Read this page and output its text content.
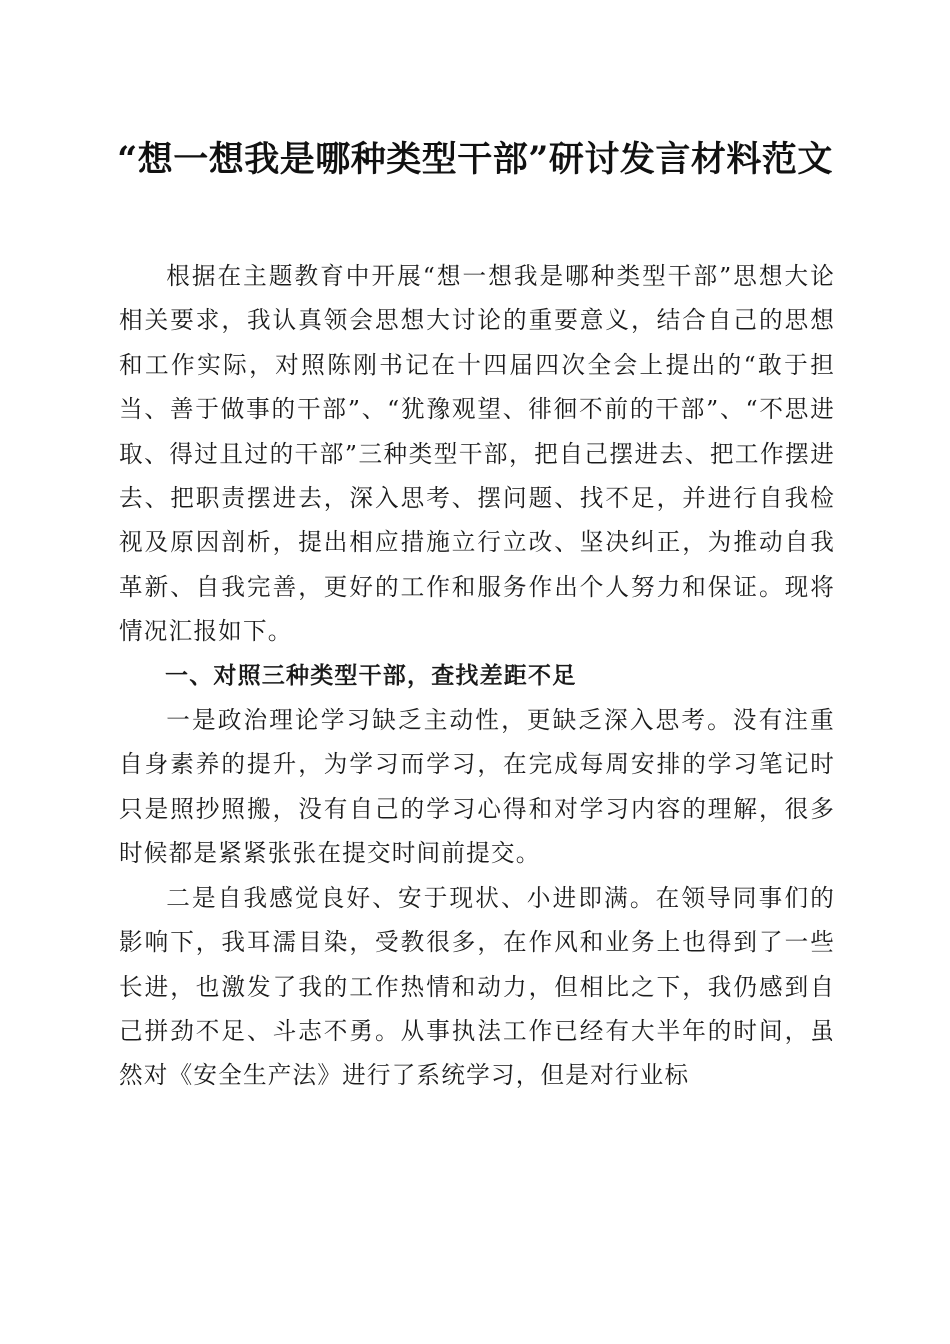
“想一想我是哪种类型干部”研讨发言材料范文

根据在主题教育中开展“想一想我是哪种类型干部”思想大论相关要求，我认真领会思想大讨论的重要意义，结合自己的思想和工作实际，对照陈刚书记在十四届四次全会上提出的“敢于担当、善于做事的干部”、“犹豫观望、徘徊不前的干部”、“不思进取、得过且过的干部”三种类型干部，把自己摆进去、把工作摆进去、把职责摆进去，深入思考、摆问题、找不足，并进行自我检视及原因剖析，提出相应措施立行立改、坚决纠正，为推动自我革新、自我完善，更好的工作和服务作出个人努力和保证。现将情况汇报如下。

一、对照三种类型干部，查找差距不足

一是政治理论学习缺乏主动性，更缺乏深入思考。没有注重自身素养的提升，为学习而学习，在完成每周安排的学习笔记时只是照抄照搬，没有自己的学习心得和对学习内容的理解，很多时候都是紧紧张张在提交时间前提交。

二是自我感觉良好、安于现状、小进即满。在领导同事们的影响下，我耳濡目染，受教很多，在作风和业务上也得到了一些长进，也激发了我的工作热情和动力，但相比之下，我仍感到自己拼劲不足、斗志不勇。从事执法工作已经有大半年的时间，虽然对《安全生产法》进行了系统学习，但是对行业标
